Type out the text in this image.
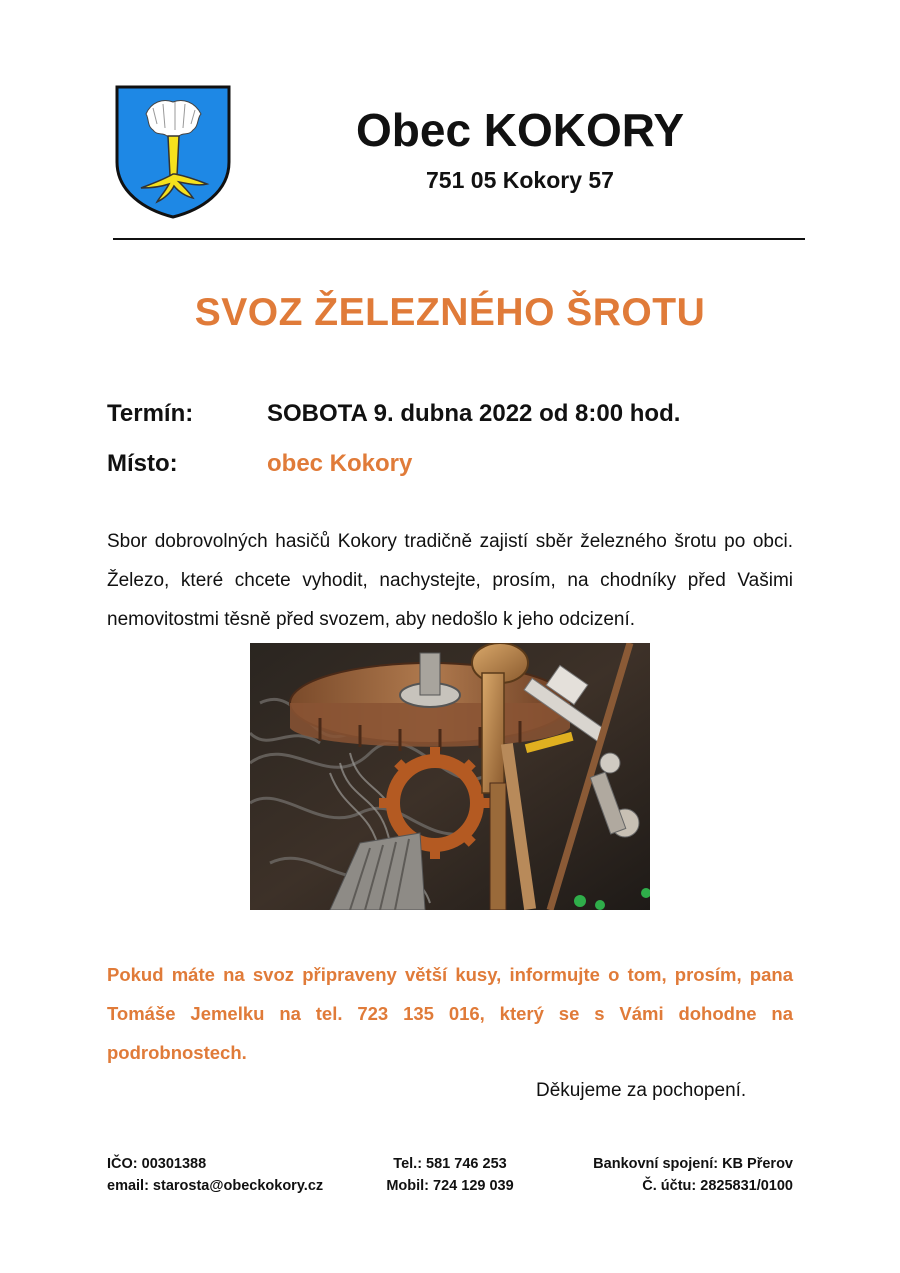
Obec KOKORY
751 05 Kokory 57
SVOZ ŽELEZNÉHO ŠROTU
Termín:	SOBOTA 9. dubna 2022 od 8:00 hod.
Místo:	obec Kokory
Sbor dobrovolných hasičů Kokory tradičně zajistí sběr železného šrotu po obci. Železo, které chcete vyhodit, nachystejte, prosím, na chodníky před Vašimi nemovitostmi těsně před svozem, aby nedošlo k jeho odcizení.
Pokud máte na svoz připraveny větší kusy, informujte o tom, prosím, pana Tomáše Jemelku na tel. 723 135 016, který se s Vámi dohodne na podrobnostech.
Děkujeme za pochopení.
IČO: 00301388
email: starosta@obeckokory.cz
Tel.: 581 746 253
Mobil: 724 129 039
Bankovní spojení: KB Přerov
Č. účtu: 2825831/0100
